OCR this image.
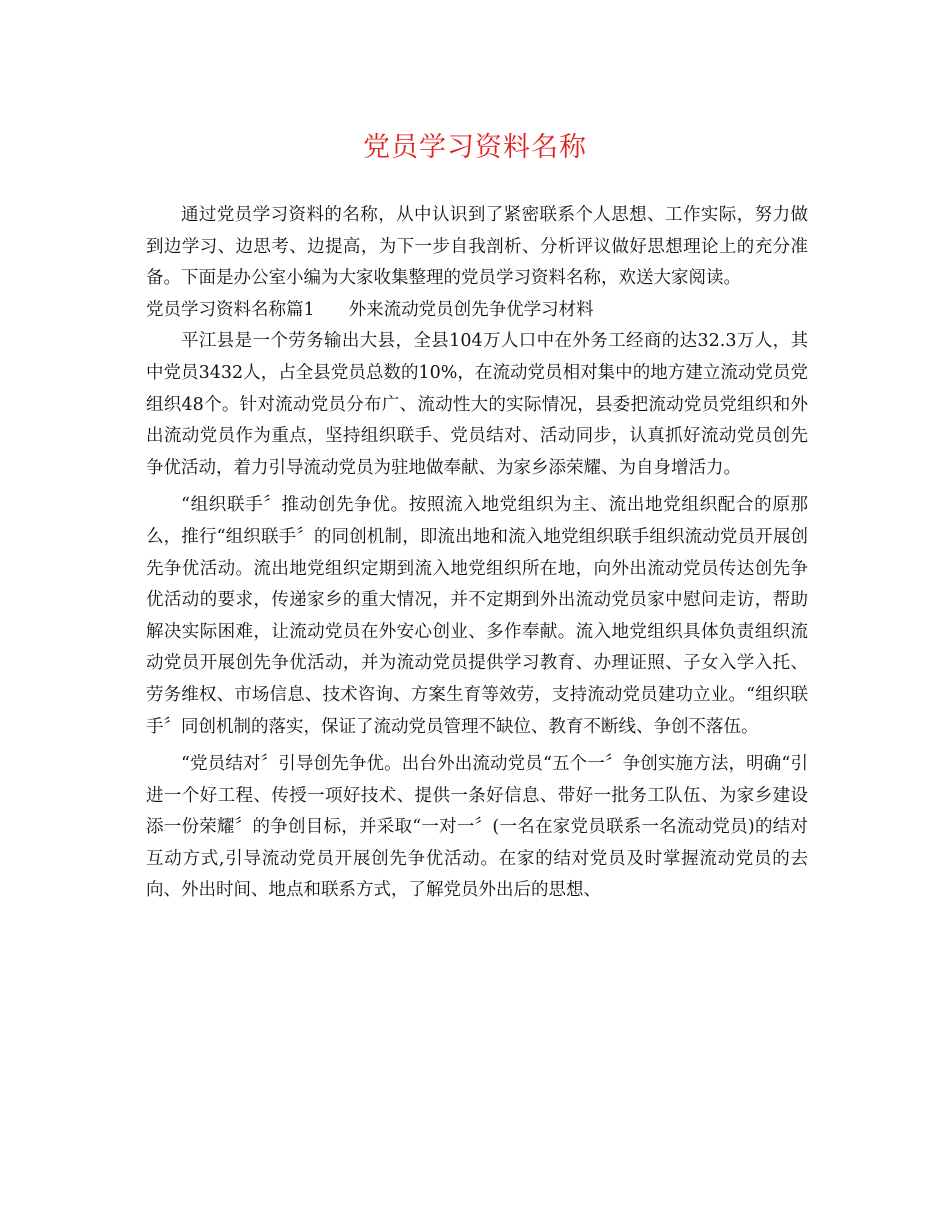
党员学习资料名称

通过党员学习资料的名称，从中认识到了紧密联系个人思想、工作实际，努力做到边学习、边思考、边提高，为下一步自我剖析、分析评议做好思想理论上的充分准备。下面是办公室小编为大家收集整理的党员学习资料名称，欢送大家阅读。

党员学习资料名称篇1 外来流动党员创先争优学习材料

平江县是一个劳务输出大县，全县104万人口中在外务工经商的达32.3万人，其中党员3432人，占全县党员总数的10%，在流动党员相对集中的地方建立流动党员党组织48个。针对流动党员分布广、流动性大的实际情况，县委把流动党员党组织和外出流动党员作为重点，坚持组织联手、党员结对、活动同步，认真抓好流动党员创先争优活动，着力引导流动党员为驻地做奉献、为家乡添荣耀、为自身增活力。

“组织联手〞推动创先争优。按照流入地党组织为主、流出地党组织配合的原那么，推行“组织联手〞的同创机制，即流出地和流入地党组织联手组织流动党员开展创先争优活动。流出地党组织定期到流入地党组织所在地，向外出流动党员传达创先争优活动的要求，传递家乡的重大情况，并不定期到外出流动党员家中慰问走访，帮助解决实际困难，让流动党员在外安心创业、多作奉献。流入地党组织具体负责组织流动党员开展创先争优活动，并为流动党员提供学习教育、办理证照、子女入学入托、劳务维权、市场信息、技术咨询、方案生育等效劳，支持流动党员建功立业。“组织联手〞同创机制的落实，保证了流动党员管理不缺位、教育不断线、争创不落伍。

“党员结对〞引导创先争优。出台外出流动党员“五个一〞争创实施方法，明确“引进一个好工程、传授一项好技术、提供一条好信息、带好一批务工队伍、为家乡建设添一份荣耀〞的争创目标，并采取“一对一〞(一名在家党员联系一名流动党员)的结对互动方式,引导流动党员开展创先争优活动。在家的结对党员及时掌握流动党员的去向、外出时间、地点和联系方式，了解党员外出后的思想、
